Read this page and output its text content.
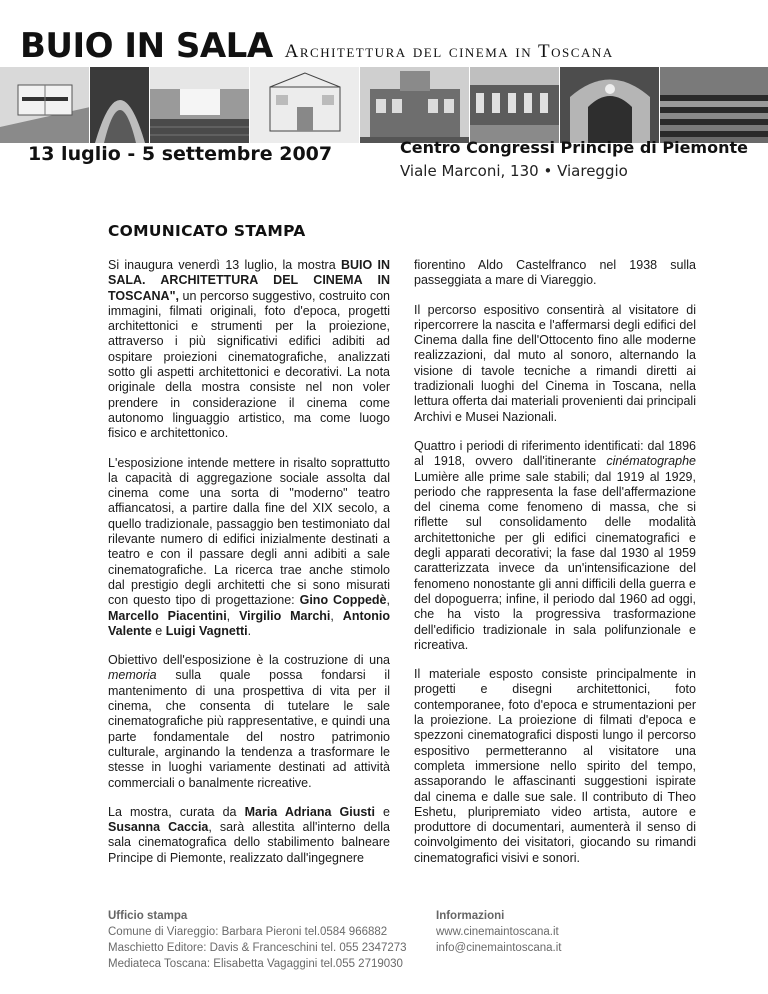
BUIO IN SALA Architettura del cinema in Toscana
13 luglio - 5 settembre 2007	Centro Congressi Principe di Piemonte
Viale Marconi, 130 • Viareggio
COMUNICATO STAMPA

Si inaugura venerdì 13 luglio, la mostra BUIO IN SALA. ARCHITETTURA DEL CINEMA IN TOSCANA", un percorso suggestivo, costruito con immagini, filmati originali, foto d'epoca, progetti architettonici e strumenti per la proiezione, attraverso i più significativi edifici adibiti ad ospitare proiezioni cinematografiche, analizzati sotto gli aspetti architettonici e decorativi. La nota originale della mostra consiste nel non voler prendere in considerazione il cinema come autonomo linguaggio artistico, ma come luogo fisico e architettonico.

L'esposizione intende mettere in risalto soprattutto la capacità di aggregazione sociale assolta dal cinema come una sorta di "moderno" teatro affiancatosi, a partire dalla fine del XIX secolo, a quello tradizionale, passaggio ben testimoniato dal rilevante numero di edifici inizialmente destinati a teatro e con il passare degli anni adibiti a sale cinematografiche. La ricerca trae anche stimolo dal prestigio degli architetti che si sono misurati con questo tipo di progettazione: Gino Coppedè, Marcello Piacentini, Virgilio Marchi, Antonio Valente e Luigi Vagnetti.

Obiettivo dell'esposizione è la costruzione di una memoria sulla quale possa fondarsi il mantenimento di una prospettiva di vita per il cinema, che consenta di tutelare le sale cinematografiche più rappresentative, e quindi una parte fondamentale del nostro patrimonio culturale, arginando la tendenza a trasformare le stesse in luoghi variamente destinati ad attività commerciali o banalmente ricreative.

La mostra, curata da Maria Adriana Giusti e Susanna Caccia, sarà allestita all'interno della sala cinematografica dello stabilimento balneare Principe di Piemonte, realizzato dall'ingegnere

fiorentino Aldo Castelfranco nel 1938 sulla passeggiata a mare di Viareggio.

Il percorso espositivo consentirà al visitatore di ripercorrere la nascita e l'affermarsi degli edifici del Cinema dalla fine dell'Ottocento fino alle moderne realizzazioni, dal muto al sonoro, alternando la visione di tavole tecniche a rimandi diretti ai tradizionali luoghi del Cinema in Toscana, nella lettura offerta dai materiali provenienti dai principali Archivi e Musei Nazionali.

Quattro i periodi di riferimento identificati: dal 1896 al 1918, ovvero dall'itinerante cinématographe Lumière alle prime sale stabili; dal 1919 al 1929, periodo che rappresenta la fase dell'affermazione del cinema come fenomeno di massa, che si riflette sul consolidamento delle modalità architettoniche per gli edifici cinematografici e degli apparati decorativi; la fase dal 1930 al 1959 caratterizzata invece da un'intensificazione del fenomeno nonostante gli anni difficili della guerra e del dopoguerra; infine, il periodo dal 1960 ad oggi, che ha visto la progressiva trasformazione dell'edificio tradizionale in sala polifunzionale e ricreativa.

Il materiale esposto consiste principalmente in progetti e disegni architettonici, foto contemporanee, foto d'epoca e strumentazioni per la proiezione. La proiezione di filmati d'epoca e spezzoni cinematografici disposti lungo il percorso espositivo permetteranno al visitatore una completa immersione nello spirito del tempo, assaporando le affascinanti suggestioni ispirate dal cinema e dalle sue sale. Il contributo di Theo Eshetu, pluripremiato video artista, autore e produttore di documentari, aumenterà il senso di coinvolgimento dei visitatori, giocando su rimandi cinematografici visivi e sonori.

Ufficio stampa
Comune di Viareggio: Barbara Pieroni tel.0584 966882
Maschietto Editore: Davis & Franceschini tel. 055 2347273
Mediateca Toscana: Elisabetta Vagaggini tel.055 2719030
Informazioni
www.cinemaintoscana.it
info@cinemaintoscana.it
